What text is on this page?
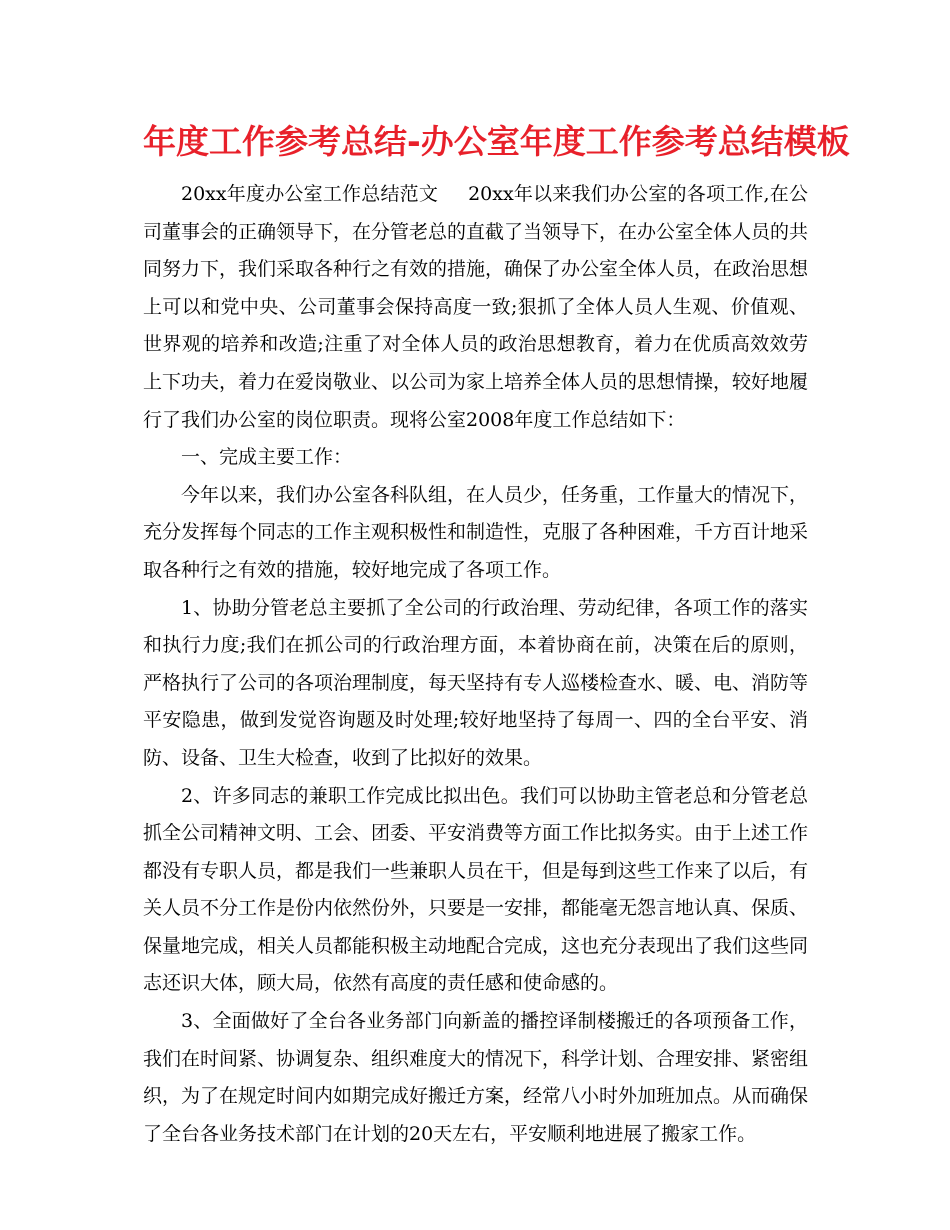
年度工作参考总结-办公室年度工作参考总结模板

20xx年度办公室工作总结范文 20xx年以来我们办公室的各项工作,在公司董事会的正确领导下，在分管老总的直截了当领导下，在办公室全体人员的共同努力下，我们采取各种行之有效的措施，确保了办公室全体人员，在政治思想上可以和党中央、公司董事会保持高度一致;狠抓了全体人员人生观、价值观、世界观的培养和改造;注重了对全体人员的政治思想教育，着力在优质高效效劳上下功夫，着力在爱岗敬业、以公司为家上培养全体人员的思想情操，较好地履行了我们办公室的岗位职责。现将公室2008年度工作总结如下：

一、完成主要工作：

今年以来，我们办公室各科队组，在人员少，任务重，工作量大的情况下，充分发挥每个同志的工作主观积极性和制造性，克服了各种困难，千方百计地采取各种行之有效的措施，较好地完成了各项工作。

1、协助分管老总主要抓了全公司的行政治理、劳动纪律，各项工作的落实和执行力度;我们在抓公司的行政治理方面，本着协商在前，决策在后的原则，严格执行了公司的各项治理制度，每天坚持有专人巡楼检查水、暖、电、消防等平安隐患，做到发觉咨询题及时处理;较好地坚持了每周一、四的全台平安、消防、设备、卫生大检查，收到了比拟好的效果。

2、许多同志的兼职工作完成比拟出色。我们可以协助主管老总和分管老总抓全公司精神文明、工会、团委、平安消费等方面工作比拟务实。由于上述工作都没有专职人员，都是我们一些兼职人员在干，但是每到这些工作来了以后，有关人员不分工作是份内依然份外，只要是一安排，都能毫无怨言地认真、保质、保量地完成，相关人员都能积极主动地配合完成，这也充分表现出了我们这些同志还识大体，顾大局，依然有高度的责任感和使命感的。

3、全面做好了全台各业务部门向新盖的播控译制楼搬迁的各项预备工作，我们在时间紧、协调复杂、组织难度大的情况下，科学计划、合理安排、紧密组织，为了在规定时间内如期完成好搬迁方案，经常八小时外加班加点。从而确保了全台各业务技术部门在计划的20天左右，平安顺利地进展了搬家工作。
